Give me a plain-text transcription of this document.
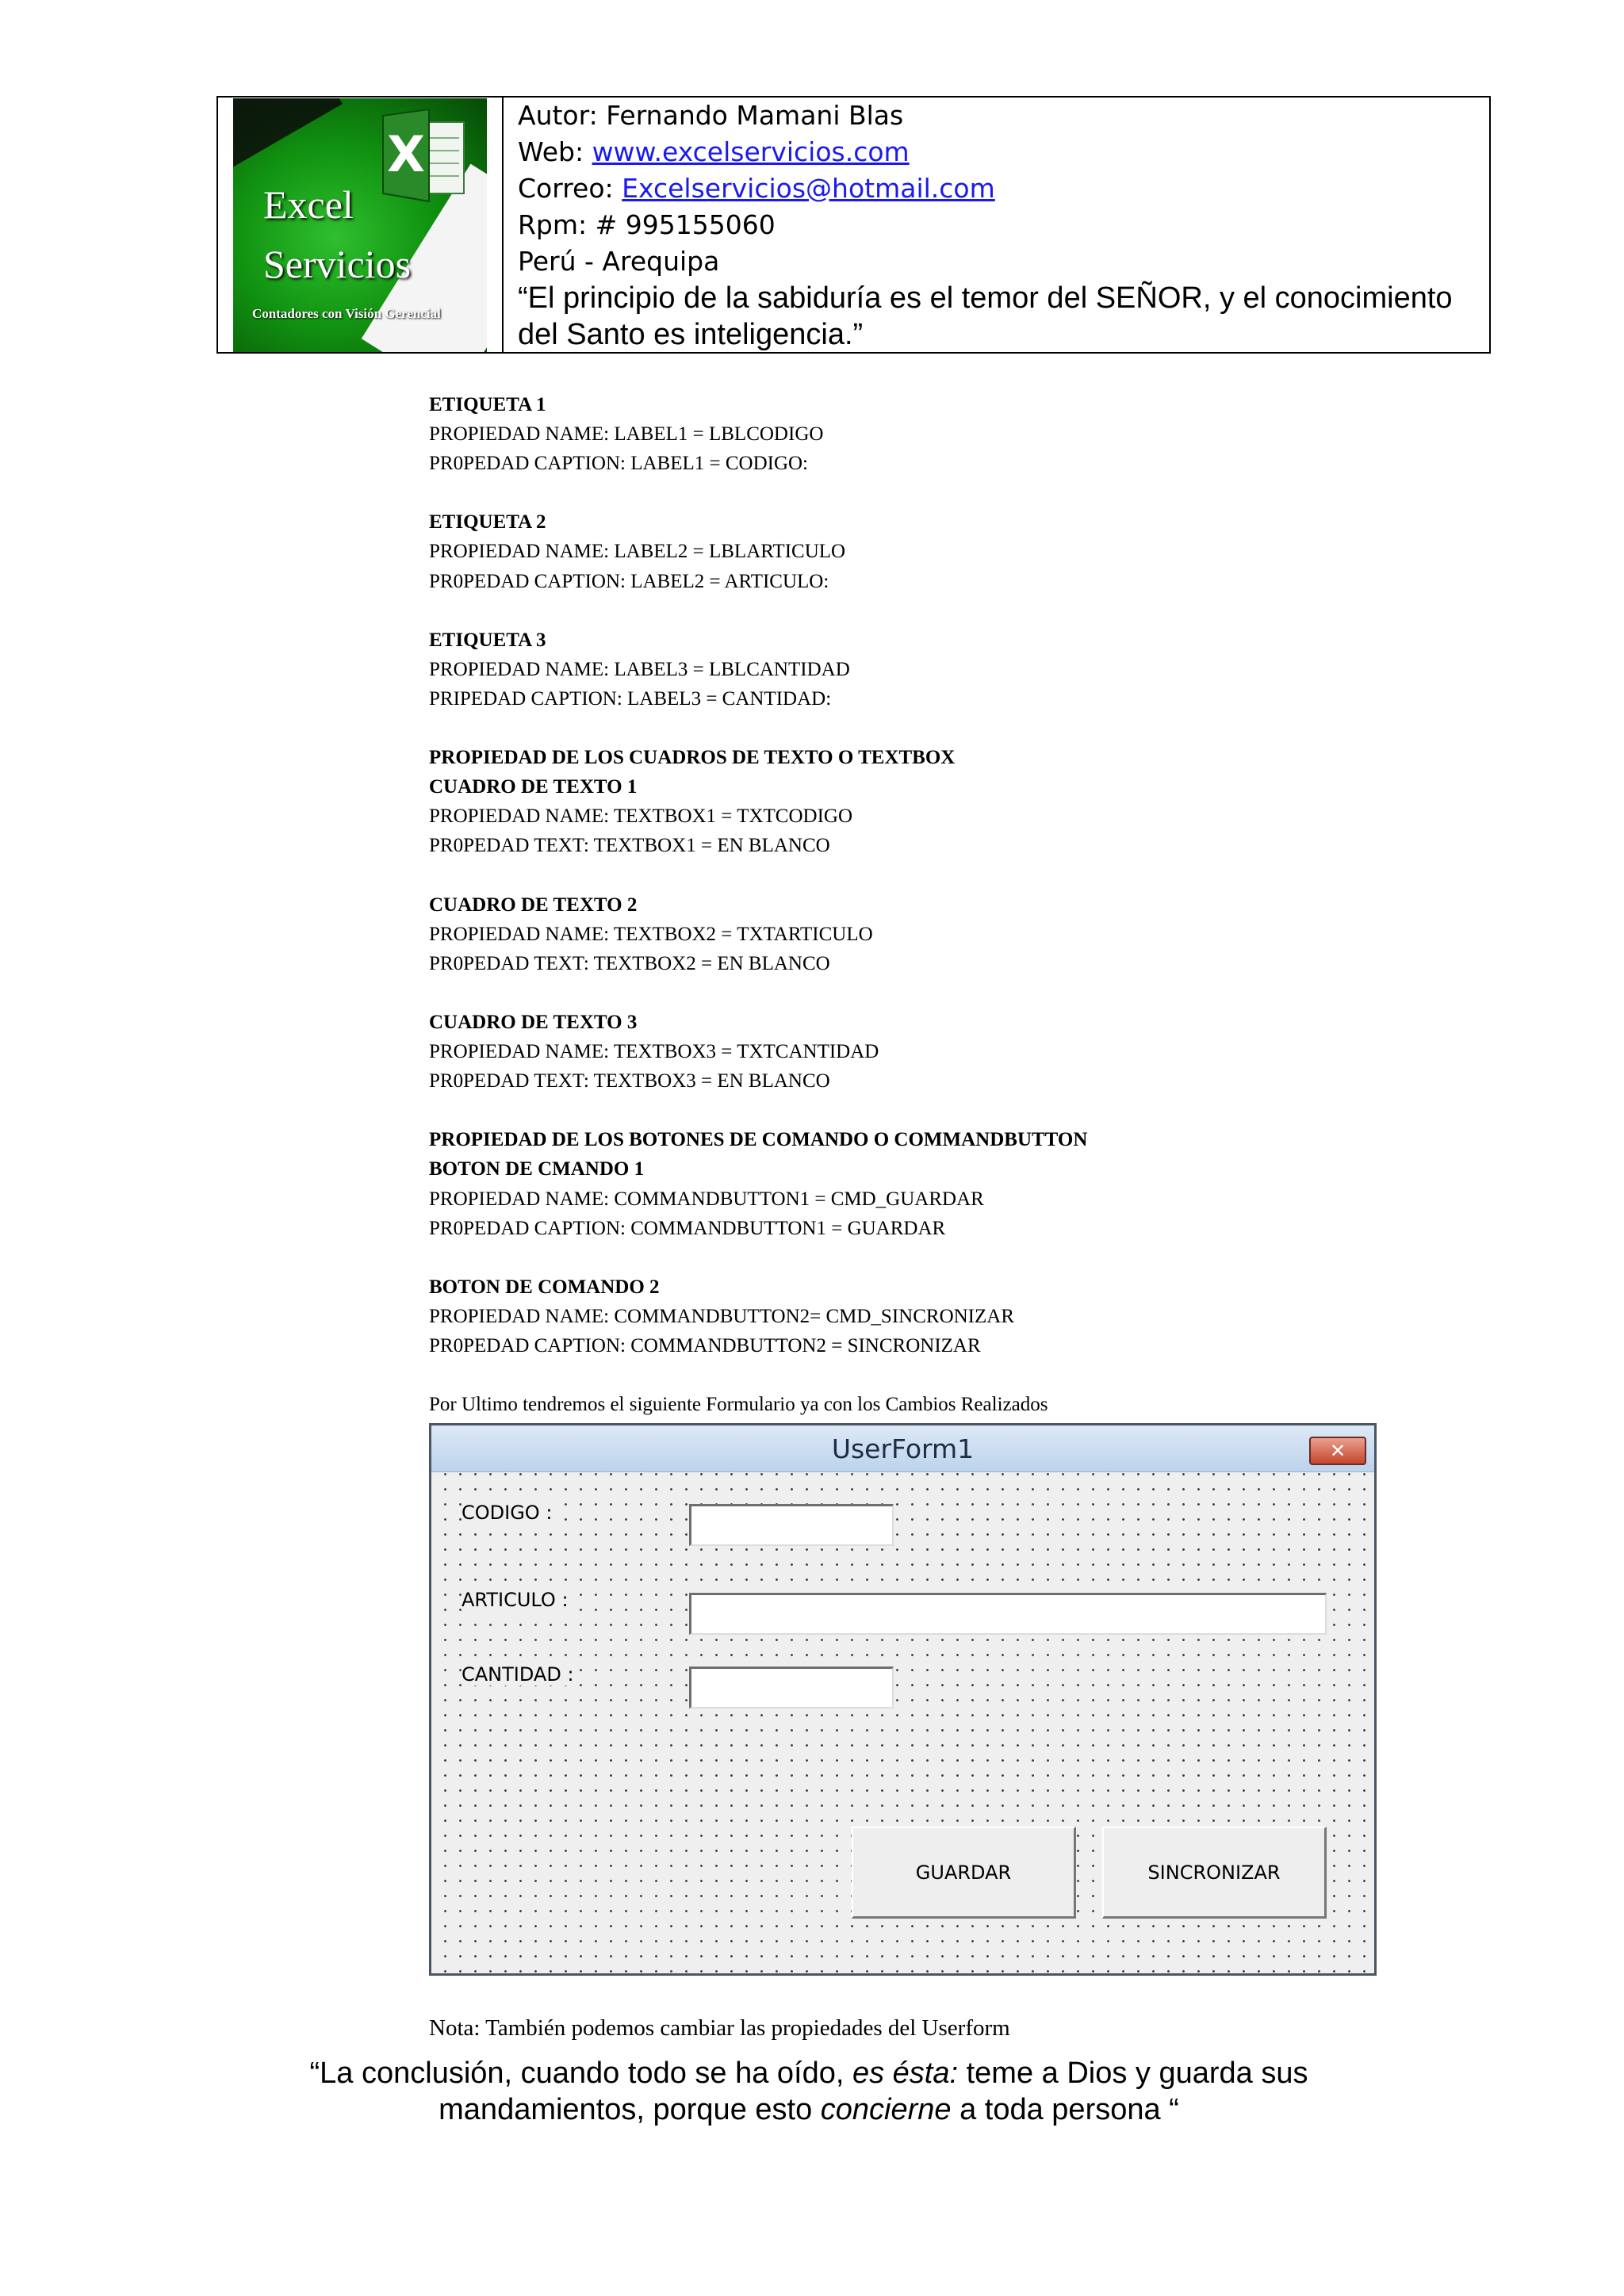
X
Excel
Servicios
Contadores con Visión Gerencial
Autor: Fernando Mamani Blas
Web: www.excelservicios.com
Correo: Excelservicios@hotmail.com
Rpm: # 995155060
Perú - Arequipa
“El principio de la sabiduría es el temor del SEÑOR, y el conocimiento del Santo es inteligencia.”
ETIQUETA 1
PROPIEDAD NAME: LABEL1 = LBLCODIGO
PR0PEDAD CAPTION: LABEL1 = CODIGO:
ETIQUETA 2
PROPIEDAD NAME: LABEL2 = LBLARTICULO
PR0PEDAD CAPTION: LABEL2 = ARTICULO:
ETIQUETA 3
PROPIEDAD NAME: LABEL3 = LBLCANTIDAD
PRIPEDAD CAPTION: LABEL3 = CANTIDAD:
PROPIEDAD DE LOS CUADROS DE TEXTO O TEXTBOX
CUADRO DE TEXTO 1
PROPIEDAD NAME: TEXTBOX1 = TXTCODIGO
PR0PEDAD TEXT: TEXTBOX1 = EN BLANCO
CUADRO DE TEXTO 2
PROPIEDAD NAME: TEXTBOX2 = TXTARTICULO
PR0PEDAD TEXT: TEXTBOX2 = EN BLANCO
CUADRO DE TEXTO 3
PROPIEDAD NAME: TEXTBOX3 = TXTCANTIDAD
PR0PEDAD TEXT: TEXTBOX3 = EN BLANCO
PROPIEDAD DE LOS BOTONES DE COMANDO O COMMANDBUTTON
BOTON DE CMANDO 1
PROPIEDAD NAME: COMMANDBUTTON1 = CMD_GUARDAR
PR0PEDAD CAPTION: COMMANDBUTTON1 = GUARDAR
BOTON DE COMANDO 2
PROPIEDAD NAME: COMMANDBUTTON2= CMD_SINCRONIZAR
PR0PEDAD CAPTION: COMMANDBUTTON2 = SINCRONIZAR
Por Ultimo tendremos el siguiente Formulario ya con los Cambios Realizados
UserForm1	✕
CODIGO :
ARTICULO :
CANTIDAD :
GUARDAR	SINCRONIZAR
Nota: También podemos cambiar las propiedades del Userform
“La conclusión, cuando todo se ha oído, es ésta: teme a Dios y guarda sus mandamientos, porque esto concierne a toda persona “
